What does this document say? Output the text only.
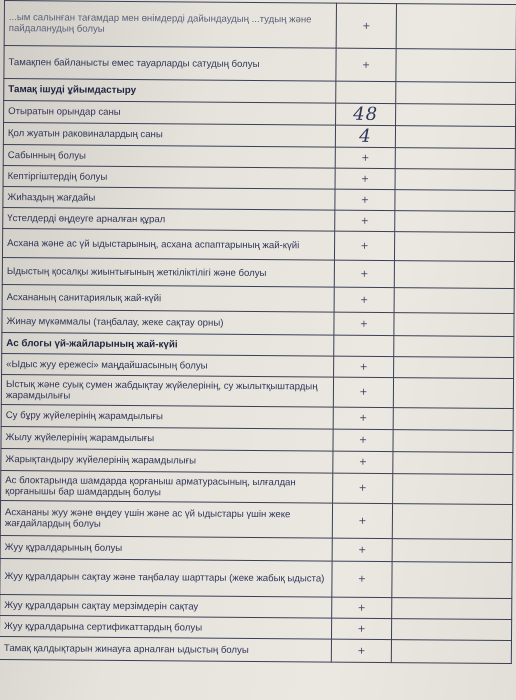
...ым салынған тағамдар мен өнімдерді дайындаудың ...тудың және пайдаланудың болуы	+	
Тамақпен байланысты емес тауарларды сатудың болуы	+	
Тамақ ішуді ұйымдастыру		
Отыратын орындар саны	48	
Қол жуатын раковиналардың саны	4	
Сабынның болуы	+	
Кептіргіштердің болуы	+	
Жиһаздың жағдайы	+	
Үстелдерді өңдеуге арналған құрал	+	
Асхана және ас үй ыдыстарының, асхана аспаптарының жай-күйі	+	
Ыдыстың қосалқы жиынтығының жеткіліктілігі және болуы	+	
Асхананың санитариялық жай-күйі	+	
Жинау мүкәммалы (таңбалау, жеке сақтау орны)	+	
Ас блогы үй-жайларының жай-күйі		
«Ыдыс жуу ережесі» маңдайшасының болуы	+	
Ыстық және суық сумен жабдықтау жүйелерінің, су жылытқыштардың жарамдылығы	+	
Су бұру жүйелерінің жарамдылығы	+	
Жылу жүйелерінің жарамдылығы	+	
Жарықтандыру жүйелерінің жарамдылығы	+	
Ас блоктарында шамдарда қорғаныш арматурасының, ылғалдан қорғанышы бар шамдардың болуы	+	
Асхананы жуу және өңдеу үшін және ас үй ыдыстары үшін жеке жағдайлардың болуы	+	
Жуу құралдарының болуы	+	
Жуу құралдарын сақтау және таңбалау шарттары (жеке жабық ыдыста)	+	
Жуу құралдарын сақтау мерзімдерін сақтау	+	
Жуу құралдарына сертификаттардың болуы	+	
Тамақ қалдықтарын жинауға арналған ыдыстың болуы	+	
